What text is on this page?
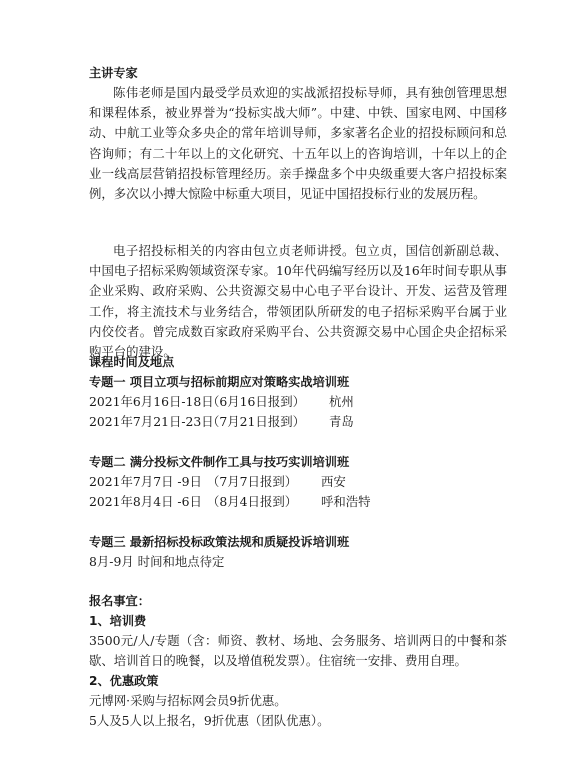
主讲专家
陈伟老师是国内最受学员欢迎的实战派招投标导师，具有独创管理思想和课程体系，被业界誉为“投标实战大师”。中建、中铁、国家电网、中国移动、中航工业等众多央企的常年培训导师，多家著名企业的招投标顾问和总咨询师；有二十年以上的文化研究、十五年以上的咨询培训，十年以上的企业一线高层营销招投标管理经历。亲手操盘多个中央级重要大客户招投标案例，多次以小搏大惊险中标重大项目，见证中国招投标行业的发展历程。
电子招投标相关的内容由包立贞老师讲授。包立贞，国信创新副总裁、中国电子招标采购领域资深专家。10年代码编写经历以及16年时间专职从事企业采购、政府采购、公共资源交易中心电子平台设计、开发、运营及管理工作，将主流技术与业务结合，带领团队所研发的电子招标采购平台属于业内佼佼者。曾完成数百家政府采购平台、公共资源交易中心国企央企招标采购平台的建设。
课程时间及地点
专题一 项目立项与招标前期应对策略实战培训班
2021年6月16日-18日（6月16日报到） 杭州
2021年7月21日-23日（7月21日报到） 青岛
专题二 满分投标文件制作工具与技巧实训培训班
2021年7月7日 -9日 （7月7日报到） 西安
2021年8月4日 -6日 （8月4日报到） 呼和浩特
专题三 最新招标投标政策法规和质疑投诉培训班
8月-9月 时间和地点待定
报名事宜：
1、培训费
3500元/人/专题（含：师资、教材、场地、会务服务、培训两日的中餐和茶歇、培训首日的晚餐，以及增值税发票）。住宿统一安排、费用自理。
2、优惠政策
元博网·采购与招标网会员9折优惠。
5人及5人以上报名，9折优惠（团队优惠）。
